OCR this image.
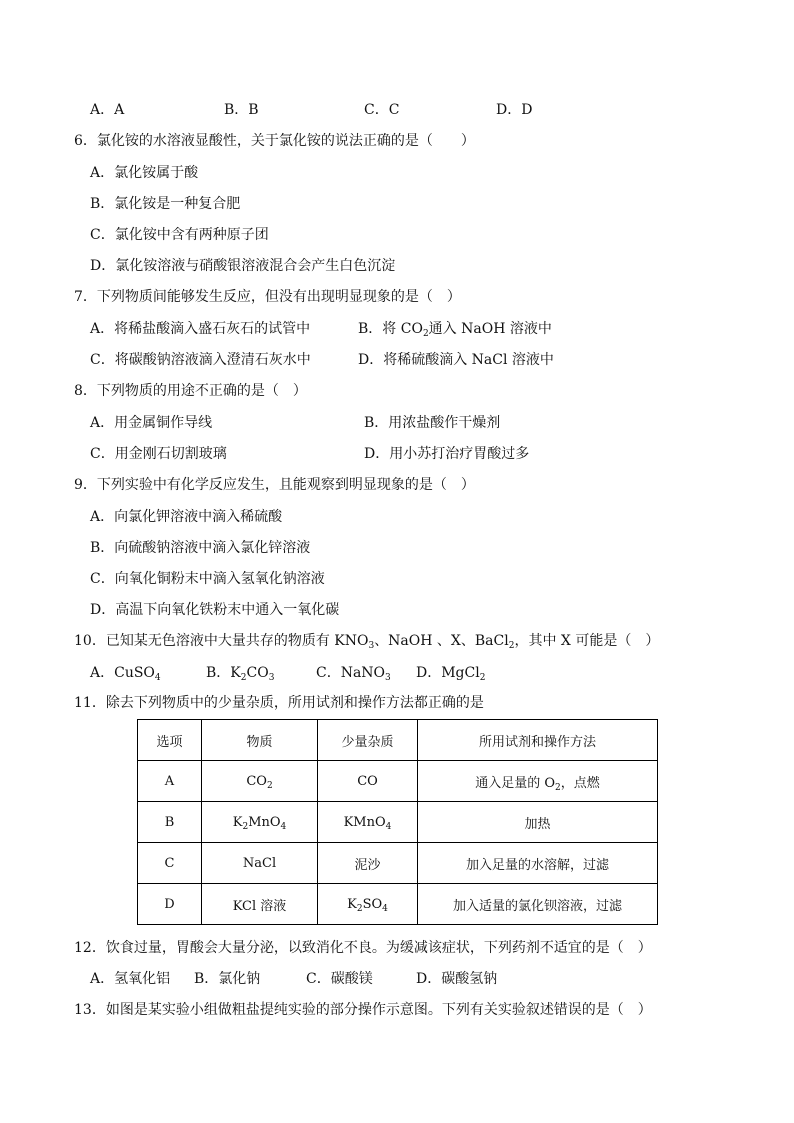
A．A	B．B	C．C	D．D
6．氯化铵的水溶液显酸性，关于氯化铵的说法正确的是（　　）
A．氯化铵属于酸
B．氯化铵是一种复合肥
C．氯化铵中含有两种原子团
D．氯化铵溶液与硝酸银溶液混合会产生白色沉淀
7．下列物质间能够发生反应，但没有出现明显现象的是（　）
A．将稀盐酸滴入盛石灰石的试管中	B．将 $CO_2$通入 NaOH 溶液中
C．将碳酸钠溶液滴入澄清石灰水中	D．将稀硫酸滴入 NaCl 溶液中
8．下列物质的用途不正确的是（　）
A．用金属铜作导线	B．用浓盐酸作干燥剂
C．用金刚石切割玻璃	D．用小苏打治疗胃酸过多
9．下列实验中有化学反应发生，且能观察到明显现象的是（　）
A．向氯化钾溶液中滴入稀硫酸
B．向硫酸钠溶液中滴入氯化锌溶液
C．向氧化铜粉末中滴入氢氧化钠溶液
D．高温下向氧化铁粉末中通入一氧化碳
10．已知某无色溶液中大量共存的物质有 $KNO_3$、NaOH 、X、BaCl$_2$，其中 X 可能是（　）
A．CuSO$_4$	B．$K_2CO_3$	C．NaNO$_3$ D．MgCl$_2$
11．除去下列物质中的少量杂质，所用试剂和操作方法都正确的是
选项	物质	少量杂质	所用试剂和操作方法
A	$CO_2$	CO	通入足量的 $O_2$，点燃
B	$K_2MnO_4$	KMnO$_4$	加热
C	NaCl	泥沙	加入足量的水溶解，过滤
D	KCl 溶液	$K_2SO_4$	加入适量的氯化钡溶液，过滤
12．饮食过量，胃酸会大量分泌，以致消化不良。为缓减该症状，下列药剂不适宜的是（　）
A．氢氧化铝 B．氯化钠	C．碳酸镁	D．碳酸氢钠
13．如图是某实验小组做粗盐提纯实验的部分操作示意图。下列有关实验叙述错误的是（　）
